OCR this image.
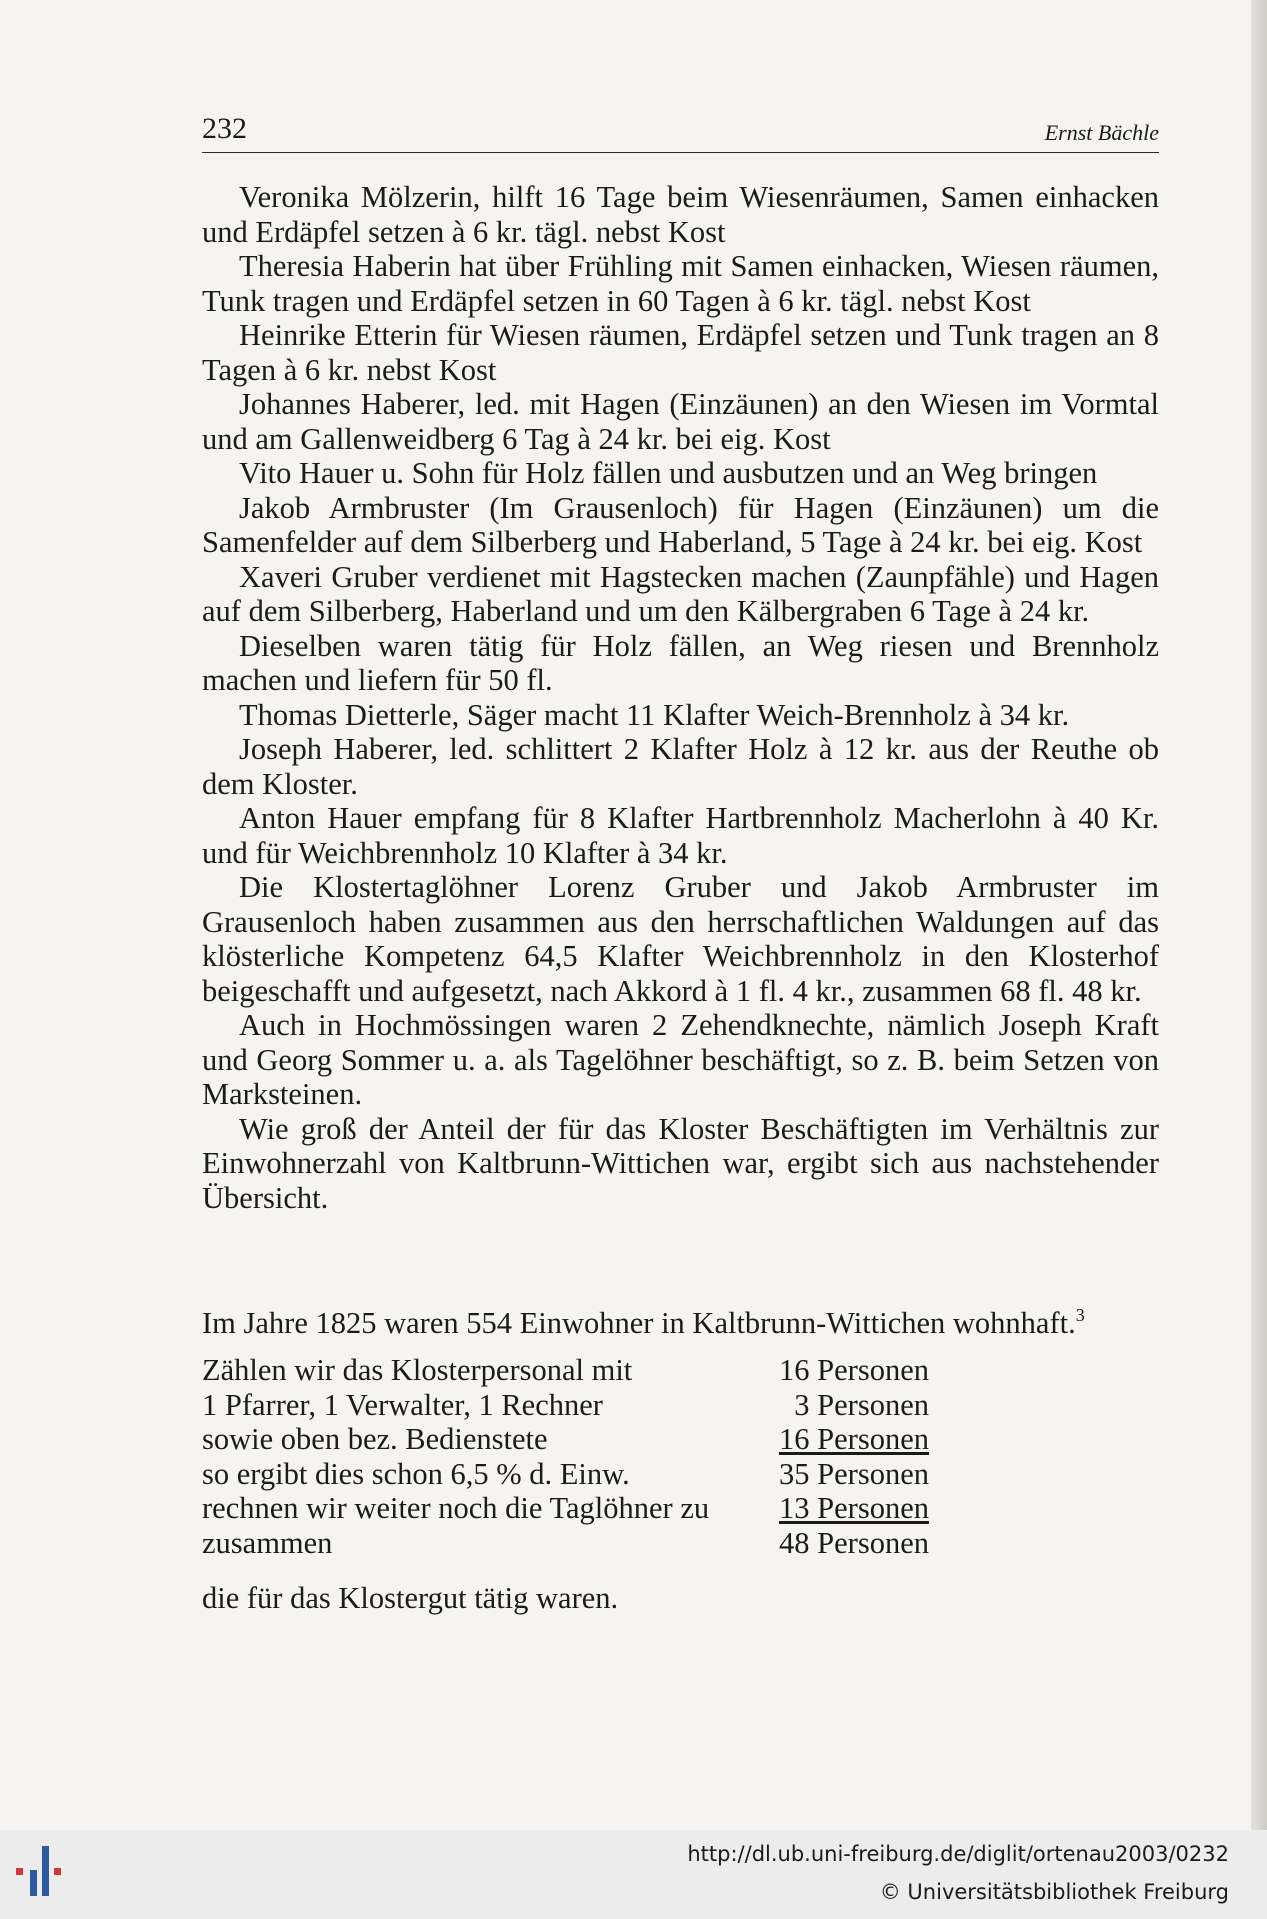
232	Ernst Bächle

Veronika Mölzerin, hilft 16 Tage beim Wiesenräumen, Samen einhacken und Erdäpfel setzen à 6 kr. tägl. nebst Kost

Theresia Haberin hat über Frühling mit Samen einhacken, Wiesen räumen, Tunk tragen und Erdäpfel setzen in 60 Tagen à 6 kr. tägl. nebst Kost

Heinrike Etterin für Wiesen räumen, Erdäpfel setzen und Tunk tragen an 8 Tagen à 6 kr. nebst Kost

Johannes Haberer, led. mit Hagen (Einzäunen) an den Wiesen im Vormtal und am Gallenweidberg 6 Tag à 24 kr. bei eig. Kost

Vito Hauer u. Sohn für Holz fällen und ausbutzen und an Weg bringen

Jakob Armbruster (Im Grausenloch) für Hagen (Einzäunen) um die Samenfelder auf dem Silberberg und Haberland, 5 Tage à 24 kr. bei eig. Kost

Xaveri Gruber verdienet mit Hagstecken machen (Zaunpfähle) und Hagen auf dem Silberberg, Haberland und um den Kälbergraben 6 Tage à 24 kr.

Dieselben waren tätig für Holz fällen, an Weg riesen und Brennholz machen und liefern für 50 fl.

Thomas Dietterle, Säger macht 11 Klafter Weich-Brennholz à 34 kr.

Joseph Haberer, led. schlittert 2 Klafter Holz à 12 kr. aus der Reuthe ob dem Kloster.

Anton Hauer empfang für 8 Klafter Hartbrennholz Macherlohn à 40 Kr. und für Weichbrennholz 10 Klafter à 34 kr.

Die Klostertaglöhner Lorenz Gruber und Jakob Armbruster im Grausenloch haben zusammen aus den herrschaftlichen Waldungen auf das klösterliche Kompetenz 64,5 Klafter Weichbrennholz in den Klosterhof beigeschafft und aufgesetzt, nach Akkord à 1 fl. 4 kr., zusammen 68 fl. 48 kr.

Auch in Hochmössingen waren 2 Zehendknechte, nämlich Joseph Kraft und Georg Sommer u. a. als Tagelöhner beschäftigt, so z. B. beim Setzen von Marksteinen.

Wie groß der Anteil der für das Kloster Beschäftigten im Verhältnis zur Einwohnerzahl von Kaltbrunn-Wittichen war, ergibt sich aus nachstehender Übersicht.

Im Jahre 1825 waren 554 Einwohner in Kaltbrunn-Wittichen wohnhaft.$^3$
Zählen wir das Klosterpersonal mit	16 Personen
1 Pfarrer, 1 Verwalter, 1 Rechner	3 Personen
sowie oben bez. Bedienstete	16 Personen
so ergibt dies schon 6,5 % d. Einw.	35 Personen
rechnen wir weiter noch die Taglöhner zu 13 Personen
zusammen	48 Personen
die für das Klostergut tätig waren.
http://dl.ub.uni-freiburg.de/diglit/ortenau2003/0232
© Universitätsbibliothek Freiburg
